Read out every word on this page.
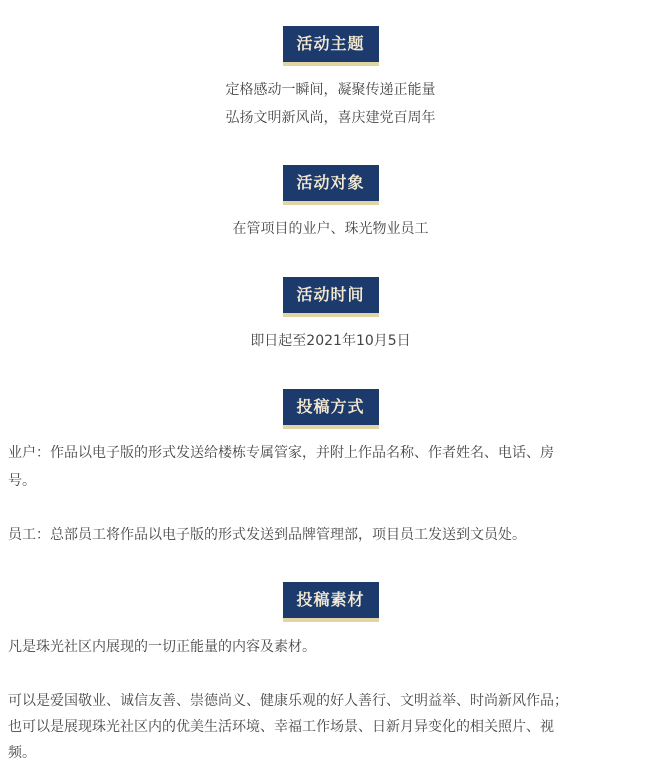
活动主题
定格感动一瞬间，凝聚传递正能量
弘扬文明新风尚，喜庆建党百周年
活动对象
在管项目的业户、珠光物业员工
活动时间
即日起至2021年10月5日
投稿方式
业户：作品以电子版的形式发送给楼栋专属管家，并附上作品名称、作者姓名、电话、房
号。
员工：总部员工将作品以电子版的形式发送到品牌管理部，项目员工发送到文员处。
投稿素材
凡是珠光社区内展现的一切正能量的内容及素材。
可以是爱国敬业、诚信友善、崇德尚义、健康乐观的好人善行、文明益举、时尚新风作品；
也可以是展现珠光社区内的优美生活环境、幸福工作场景、日新月异变化的相关照片、视
频。
